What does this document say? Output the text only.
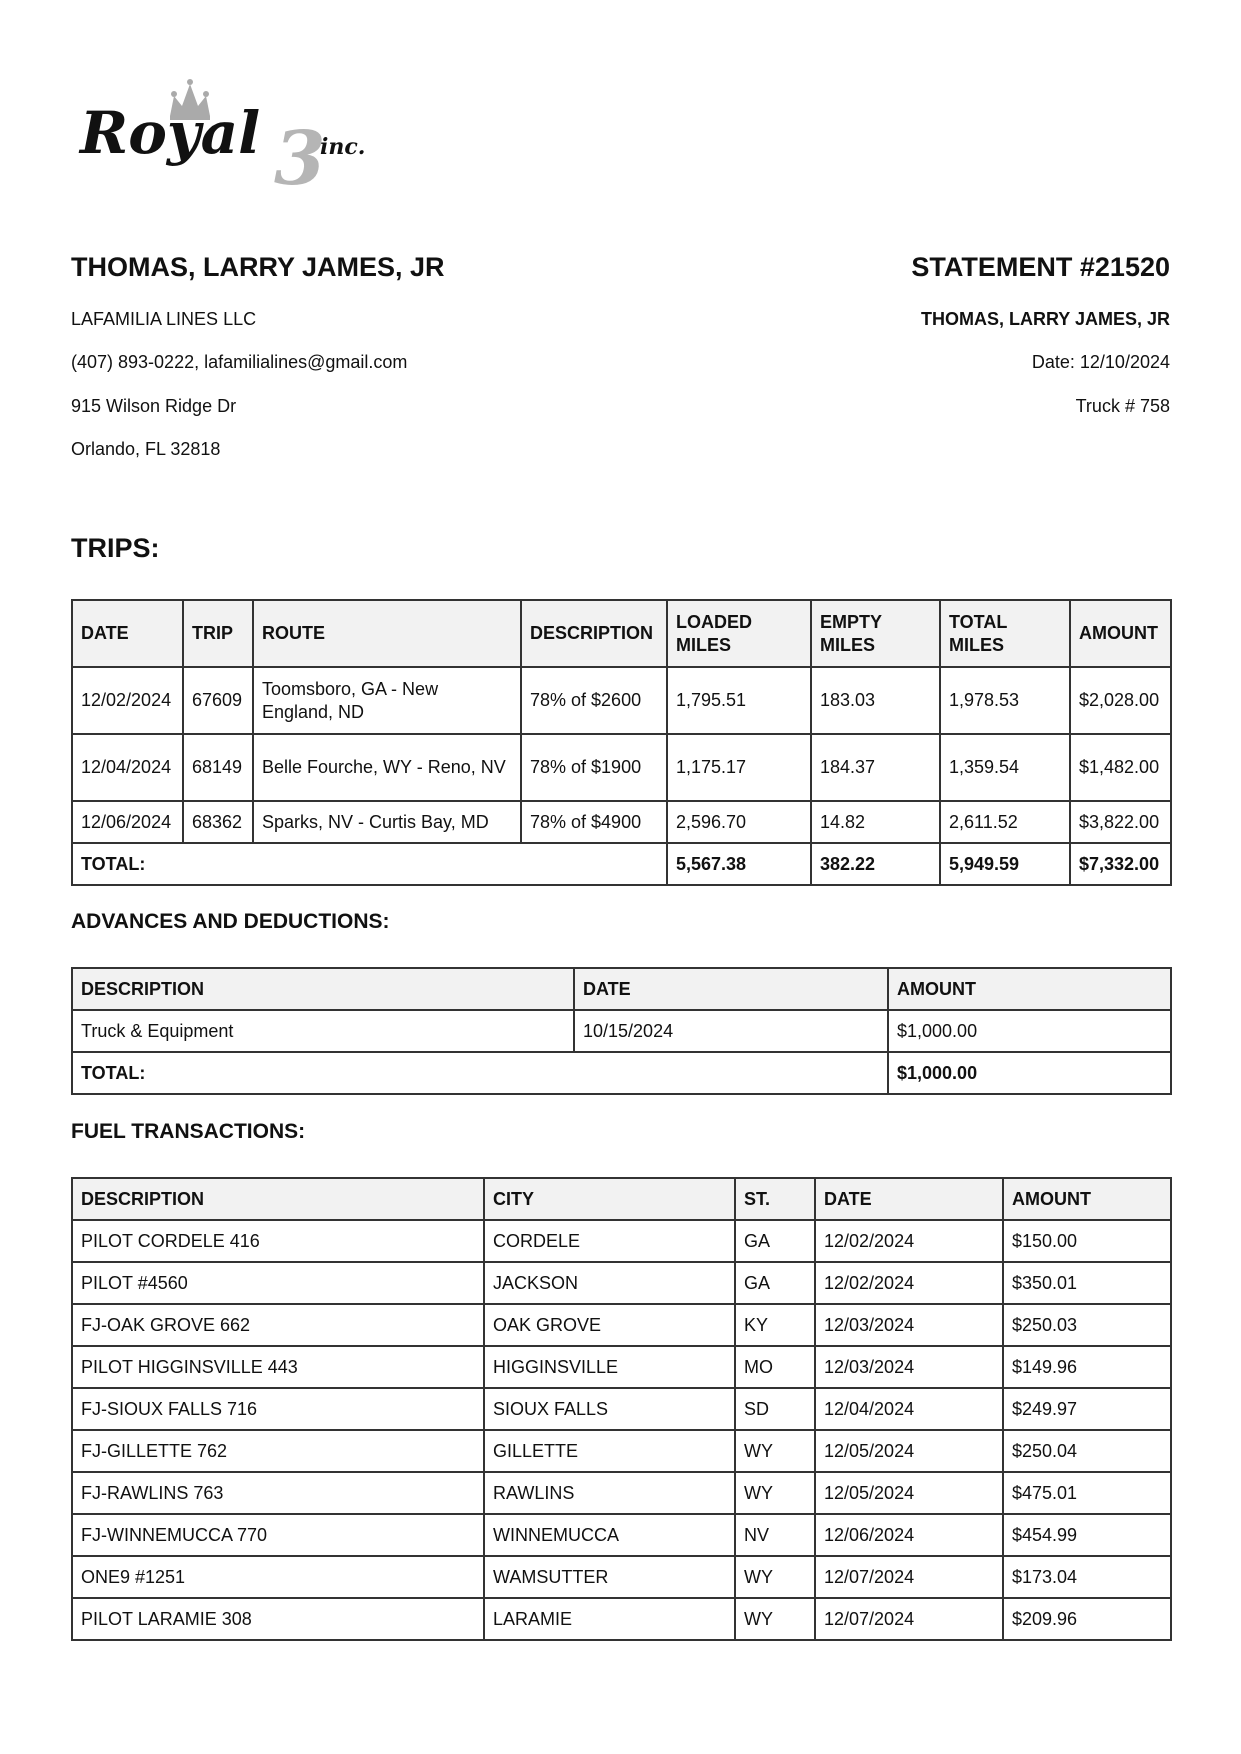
3
Royal	inc.

THOMAS, LARRY JAMES, JR

LAFAMILIA LINES LLC

(407) 893-0222, lafamilialines@gmail.com

915 Wilson Ridge Dr

Orlando, FL 32818

STATEMENT #21520

THOMAS, LARRY JAMES, JR

Date: 12/10/2024

Truck # 758

TRIPS:

DATE	TRIP	ROUTE	DESCRIPTION	LOADED MILES	EMPTY MILES	TOTAL MILES	AMOUNT
12/02/2024	67609	Toomsboro, GA - New England, ND	78% of $2600	1,795.51	183.03	1,978.53	$2,028.00
12/04/2024	68149	Belle Fourche, WY - Reno, NV	78% of $1900	1,175.17	184.37	1,359.54	$1,482.00
12/06/2024	68362	Sparks, NV - Curtis Bay, MD	78% of $4900	2,596.70	14.82	2,611.52	$3,822.00
TOTAL:				5,567.38	382.22	5,949.59	$7,332.00

ADVANCES AND DEDUCTIONS:

DESCRIPTION	DATE	AMOUNT
Truck & Equipment	10/15/2024	$1,000.00
TOTAL:		$1,000.00

FUEL TRANSACTIONS:

DESCRIPTION	CITY	ST.	DATE	AMOUNT
PILOT CORDELE 416	CORDELE	GA	12/02/2024	$150.00
PILOT #4560	JACKSON	GA	12/02/2024	$350.01
FJ-OAK GROVE 662	OAK GROVE	KY	12/03/2024	$250.03
PILOT HIGGINSVILLE 443	HIGGINSVILLE	MO	12/03/2024	$149.96
FJ-SIOUX FALLS 716	SIOUX FALLS	SD	12/04/2024	$249.97
FJ-GILLETTE 762	GILLETTE	WY	12/05/2024	$250.04
FJ-RAWLINS 763	RAWLINS	WY	12/05/2024	$475.01
FJ-WINNEMUCCA 770	WINNEMUCCA	NV	12/06/2024	$454.99
ONE9 #1251	WAMSUTTER	WY	12/07/2024	$173.04
PILOT LARAMIE 308	LARAMIE	WY	12/07/2024	$209.96
